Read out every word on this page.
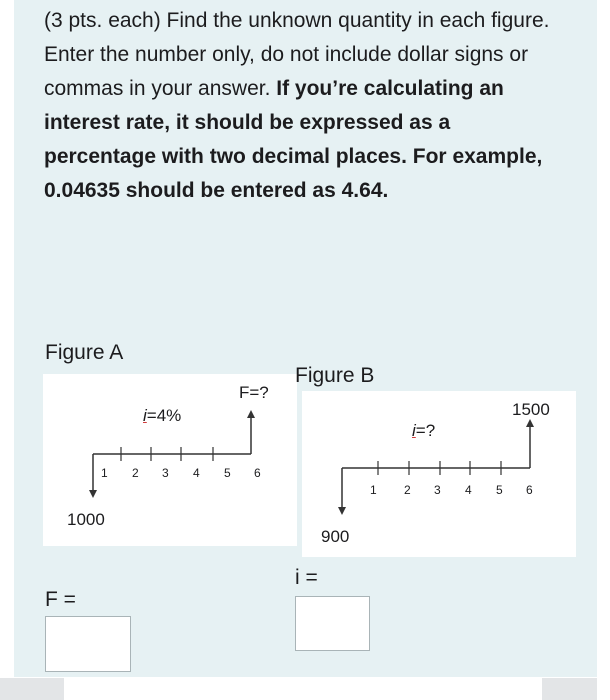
(3 pts. each) Find the unknown quantity in each figure. Enter the number only, do not include dollar signs or commas in your answer. If you’re calculating an interest rate, it should be expressed as a percentage with two decimal places. For example, 0.04635 should be entered as 4.64.
Figure A
i=4%
F=?
1000
1 2 3 4 5 6
Figure B
i=?
1500
900
1 2 3 4 5 6
i =
F =
